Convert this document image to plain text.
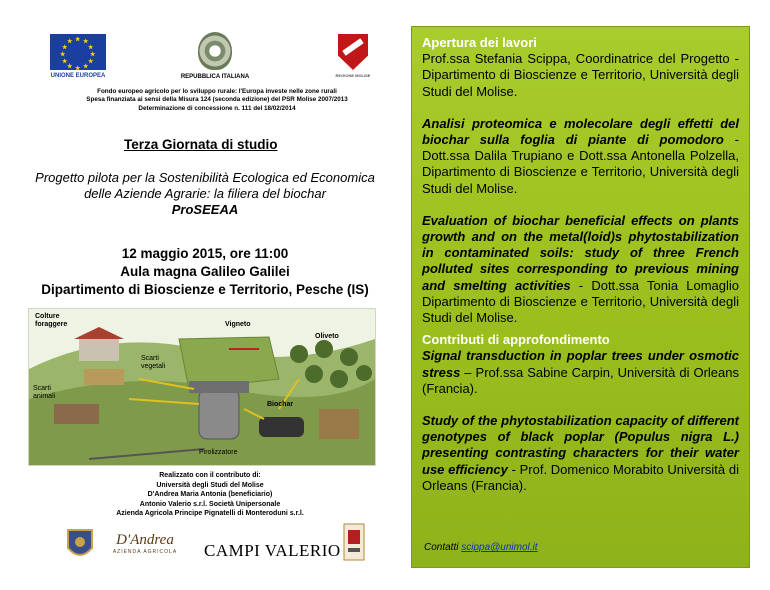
★ ★
★
★
★
★
★
★
★
★
★
★
UNIONE EUROPEA	REPUBBLICA ITALIANA	REGIONE MOLISE
Fondo europeo agricolo per lo sviluppo rurale: l'Europa investe nelle zone rurali
Spesa finanziata ai sensi della Misura 124 (seconda edizione) del PSR Molise 2007/2013
Determinazione di concessione n. 111 del 18/02/2014
Terza Giornata di studio
Progetto pilota per la Sostenibilità Ecologica ed Economica
delle Aziende Agrarie: la filiera del biochar
ProSEEAA
12 maggio 2015, ore 11:00
Aula magna Galileo Galilei
Dipartimento di Bioscienze e Territorio, Pesche (IS)
Colture foraggere	Vigneto
Oliveto
Scarti vegetali
Scarti animali
Biochar
Pirolizzatore
Realizzato con il contributo di:
Università degli Studi del Molise
D'Andrea Maria Antonia (beneficiario)
Antonio Valerio s.r.l. Società Unipersonale
Azienda Agricola Principe Pignatelli di Monteroduni s.r.l.
D'Andrea
AZIENDA AGRICOLA	CAMPI VALERIO
Apertura dei lavori

Prof.ssa Stefania Scippa, Coordinatrice del Progetto - Dipartimento di Bioscienze e Territorio, Università degli Studi del Molise.

Analisi proteomica e molecolare degli effetti del biochar sulla foglia di piante di pomodoro - Dott.ssa Dalila Trupiano e Dott.ssa Antonella Polzella, Dipartimento di Bioscienze e Territorio, Università degli Studi del Molise.

Evaluation of biochar beneficial effects on plants growth and on the metal(loid)s phytostabilization in contaminated soils: study of three French polluted sites corresponding to previous mining and smelting activities - Dott.ssa Tonia Lomaglio Dipartimento di Bioscienze e Territorio, Università degli Studi del Molise.

Contributi di approfondimento

Signal transduction in poplar trees under osmotic stress – Prof.ssa Sabine Carpin, Università di Orleans (Francia).

Study of the phytostabilization capacity of different genotypes of black poplar (Populus nigra L.) presenting contrasting characters for their water use efficiency - Prof. Domenico Morabito Università di Orleans (Francia).

Contatti scippa@unimol.it
